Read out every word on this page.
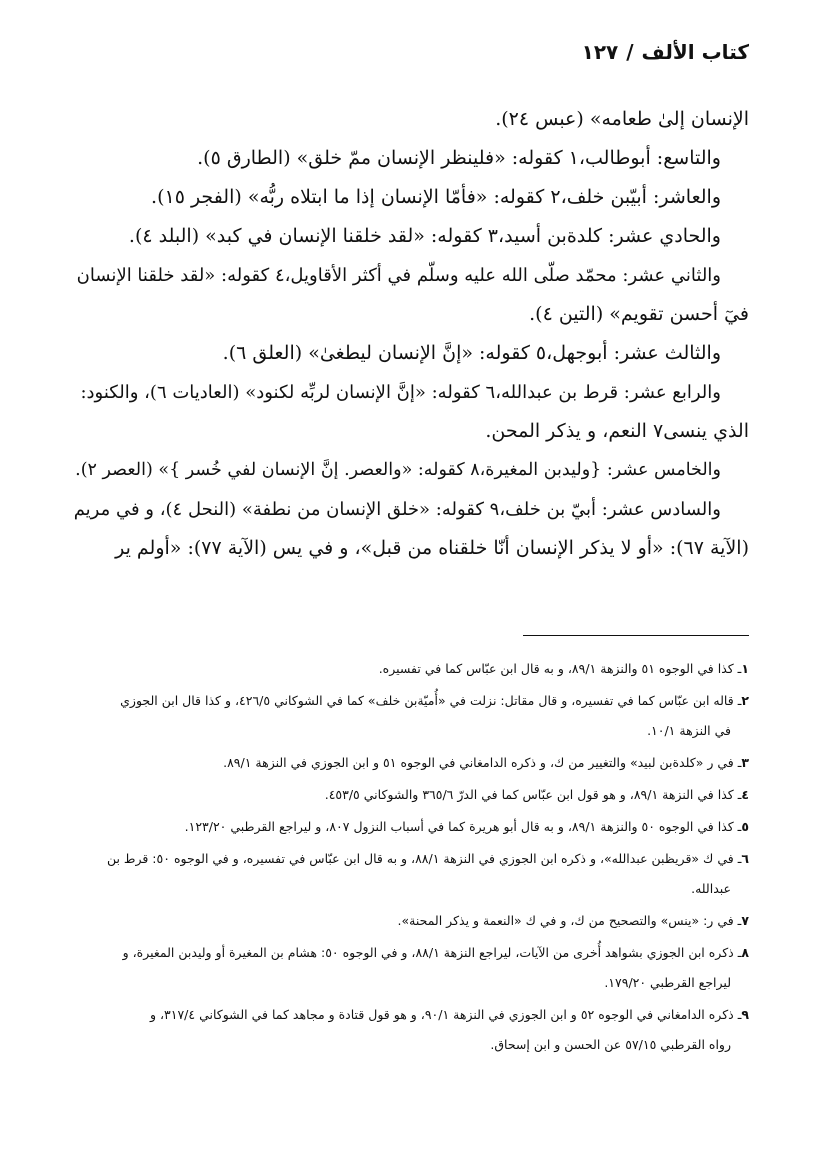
كتاب الألف/١٢٧

الإنسان إلىٰ طعامه» (عبس ٢٤).

والتاسع: أبوطالب،١ كقوله: «فلينظر الإنسان ممّ خلق» (الطارق ٥).

والعاشر: أبيّبن خلف،٢ كقوله: «فأمّا الإنسان إذا ما ابتلاه ربُّه» (الفجر ١٥).

والحادي عشر: كلدةبن أسيد،٣ كقوله: «لقد خلقنا الإنسان في كبد» (البلد ٤).

والثاني عشر: محمّد صلّى الله عليه وسلّم في أكثر الأقاويل،٤ كقوله: «لقد خلقنا الإنسان

فيٓ أحسن تقويم» (التين ٤).

والثالث عشر: أبوجهل،٥ كقوله: «إنَّ الإنسان ليطغىٰ» (العلق ٦).

والرابع عشر: قرط بن عبدالله،٦ كقوله: «إنَّ الإنسان لربِّه لكنود» (العاديات ٦)، والكنود:

الذي ينسى٧ النعم، و يذكر المحن.

والخامس عشر: {وليدبن المغيرة،٨ كقوله: «والعصر. إنَّ الإنسان لفي خُسر }» (العصر ٢).

والسادس عشر: أبيّ بن خلف،٩ كقوله: «خلق الإنسان من نطفة» (النحل ٤)، و في مريم

(الآية ٦٧): «أو لا يذكر الإنسان أنّا خلقناه من قبل»، و في يس (الآية ٧٧): «أولم ير

١ـ كذا في الوجوه ٥١ والنزهة ٨٩/١، و به قال ابن عبّاس كما في تفسيره.
٢ـ قاله ابن عبّاس كما في تفسيره، و قال مقاتل: نزلت في «أُميّةبن خلف» كما في الشوكاني ٤٢٦/٥، و كذا قال ابن الجوزي
في النزهة ١٠/١.
٣ـ في ر «كلدةبن لبيد» والتغيير من ك، و ذكره الدامغاني في الوجوه ٥١ و ابن الجوزي في النزهة ٨٩/١.
٤ـ كذا في النزهة ٨٩/١، و هو قول ابن عبّاس كما في الدرّ ٣٦٥/٦ والشوكاني ٤٥٣/٥.
٥ـ كذا في الوجوه ٥٠ والنزهة ٨٩/١، و به قال أبو هريرة كما في أسباب النزول ٨٠٧، و ليراجع القرطبي ١٢٣/٢٠.
٦ـ في ك «قريظبن عبدالله»، و ذكره ابن الجوزي في النزهة ٨٨/١، و به قال ابن عبّاس في تفسيره، و في الوجوه ٥٠: قرط بن
عبدالله.
٧ـ في ر: «ينس» والتصحيح من ك، و في ك «النعمة و يذكر المحنة».
٨ـ ذكره ابن الجوزي بشواهد أُخرى من الآيات، ليراجع النزهة ٨٨/١، و في الوجوه ٥٠: هشام بن المغيرة أو وليدبن المغيرة، و
ليراجع القرطبي ١٧٩/٢٠.
٩ـ ذكره الدامغاني في الوجوه ٥٢ و ابن الجوزي في النزهة ٩٠/١، و هو قول قتادة و مجاهد كما في الشوكاني ٣١٧/٤، و
رواه القرطبي ٥٧/١٥ عن الحسن و ابن إسحاق.
